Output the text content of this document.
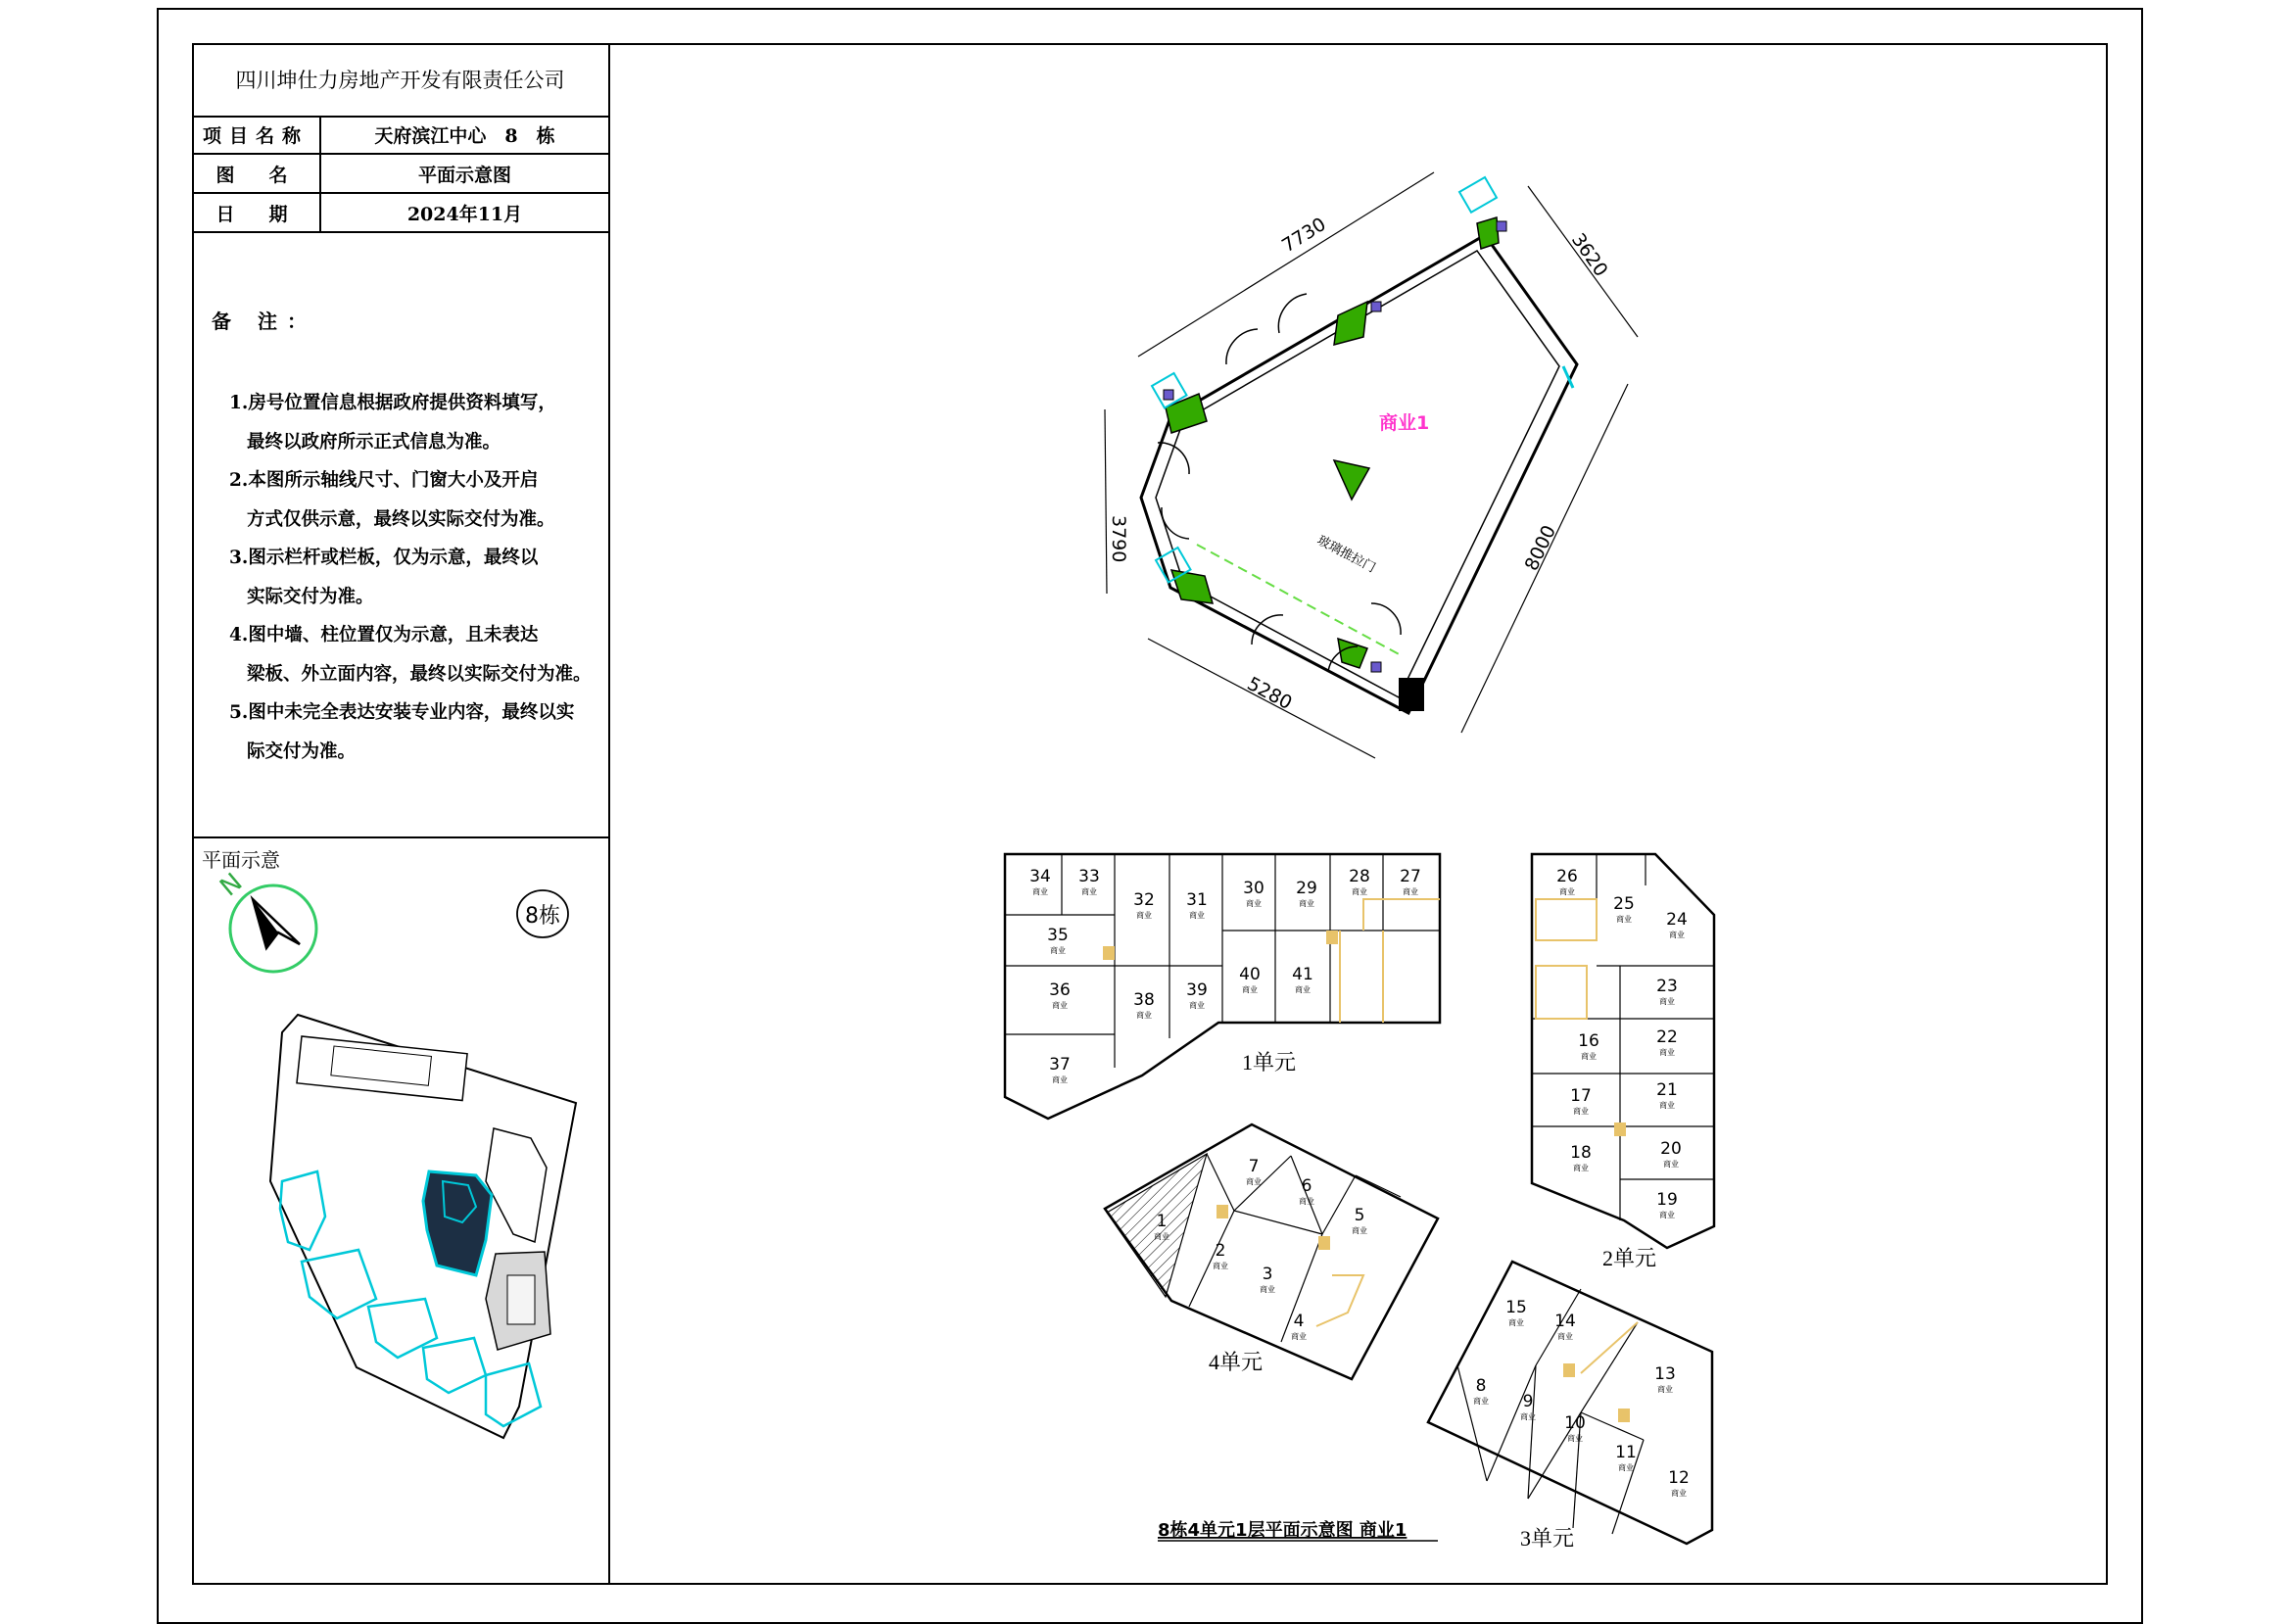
四川坤仕力房地产开发有限责任公司
项目名称	天府滨江中心　8　栋
图　名	平面示意图
日　期	2024年11月
备 注：
1.房号位置信息根据政府提供资料填写，
最终以政府所示正式信息为准。
2.本图所示轴线尺寸、门窗大小及开启
方式仅供示意，最终以实际交付为准。
3.图示栏杆或栏板，仅为示意，最终以
实际交付为准。
4.图中墙、柱位置仅为示意，且未表达
梁板、外立面内容，最终以实际交付为准。
5.图中未完全表达安装专业内容，最终以实
际交付为准。
N
8栋
平面示意
7730	3620
3790	8000
5280
商业1
玻璃推拉门
34
商业
33
商业 32
商业
31
商业
30
商业
29
商业
28
商业
27
商业
35
商业
36
商业
37
商业
38
商业
39
商业
40
商业
41
商业
26
商业
25
商业 24
商业
23
商业
16
商业
22
商业
17
商业
21
商业
18
商业
20
商业
19
商业
15
商业 14
商业
13
商业
8
商业 9
商业 10
商业
11
商业
12
商业
7
商业 6
商业
5
商业
1
商业
2
商业 3
商业
4
商业
1单元
2单元
3单元
4单元
8栋4单元1层平面示意图 商业1
